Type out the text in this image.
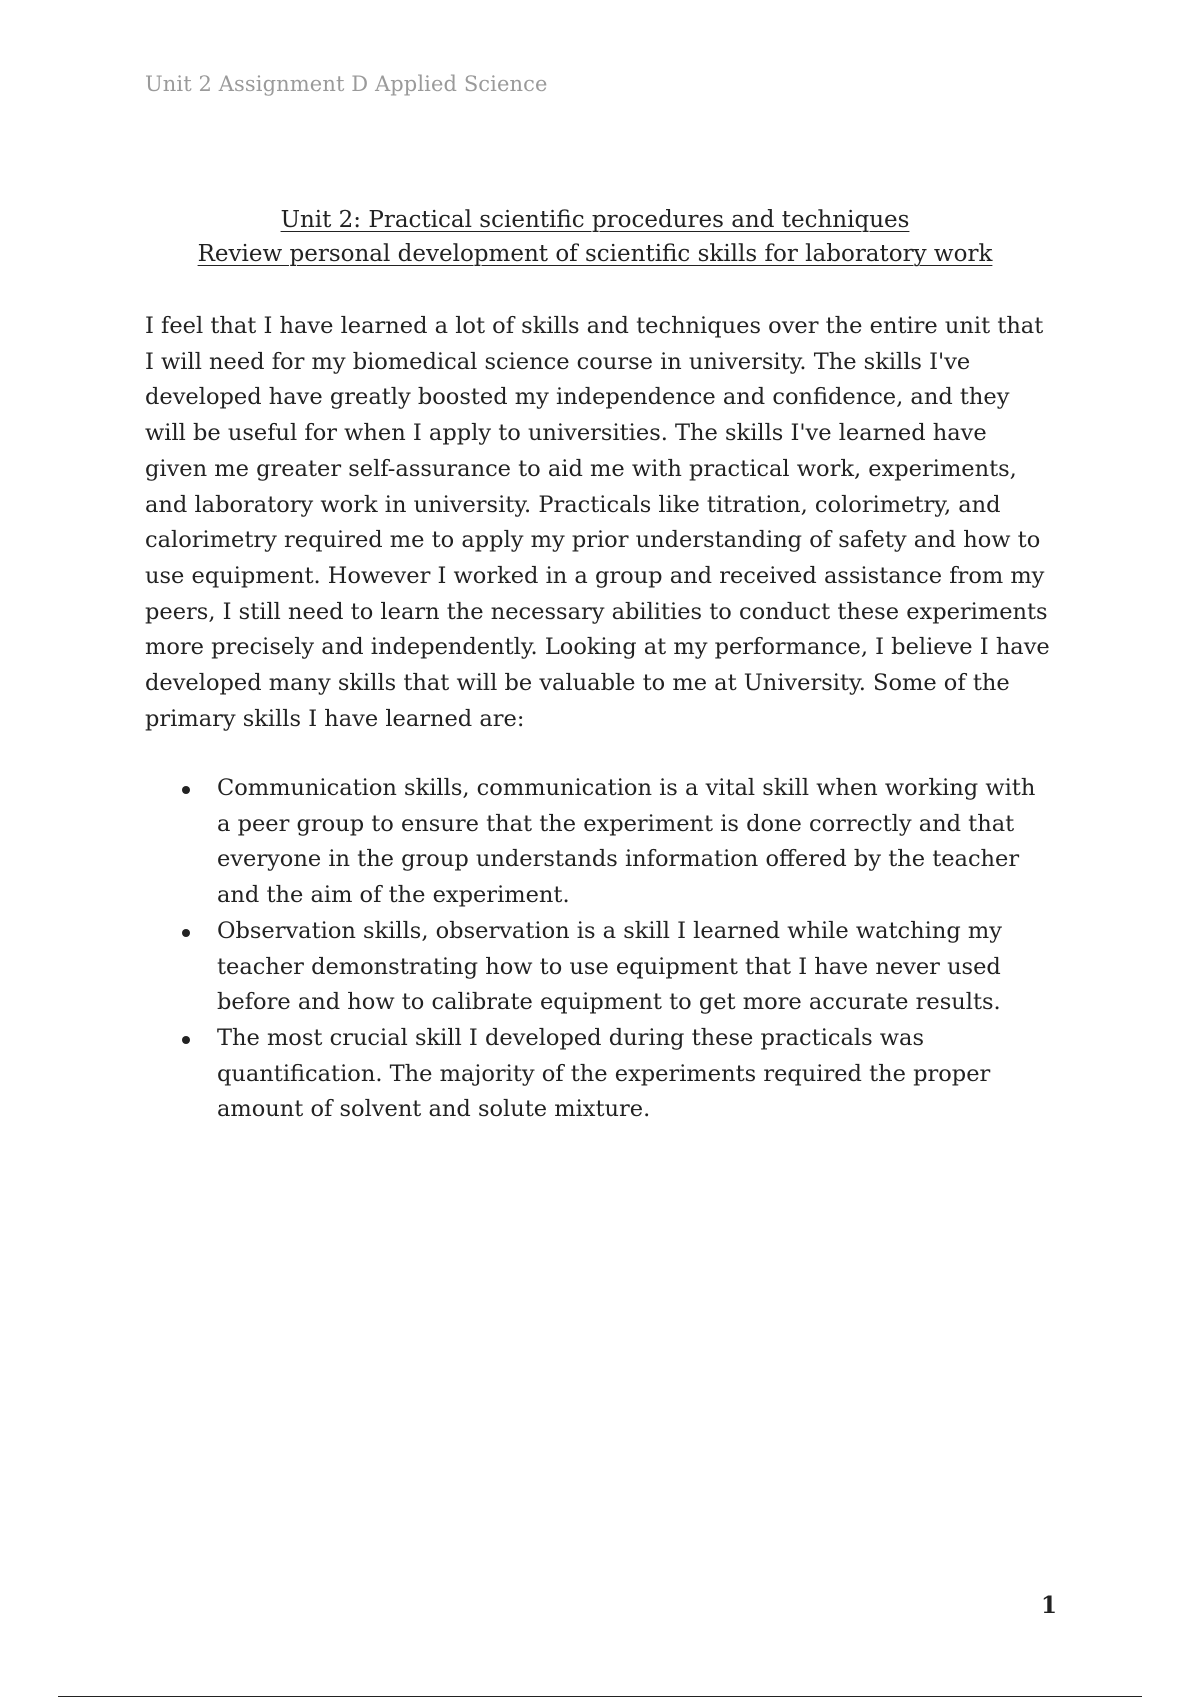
Unit 2 Assignment D Applied Science
Unit 2: Practical scientific procedures and techniques
Review personal development of scientific skills for laboratory work

I feel that I have learned a lot of skills and techniques over the entire unit that I will need for my biomedical science course in university. The skills I've developed have greatly boosted my independence and confidence, and they will be useful for when I apply to universities. The skills I've learned have given me greater self-assurance to aid me with practical work, experiments, and laboratory work in university. Practicals like titration, colorimetry, and calorimetry required me to apply my prior understanding of safety and how to use equipment. However I worked in a group and received assistance from my peers, I still need to learn the necessary abilities to conduct these experiments more precisely and independently. Looking at my performance, I believe I have developed many skills that will be valuable to me at University. Some of the primary skills I have learned are:

Communication skills, communication is a vital skill when working with a peer group to ensure that the experiment is done correctly and that everyone in the group understands information offered by the teacher and the aim of the experiment.
Observation skills, observation is a skill I learned while watching my teacher demonstrating how to use equipment that I have never used before and how to calibrate equipment to get more accurate results.
The most crucial skill I developed during these practicals was quantification. The majority of the experiments required the proper amount of solvent and solute mixture.
1
